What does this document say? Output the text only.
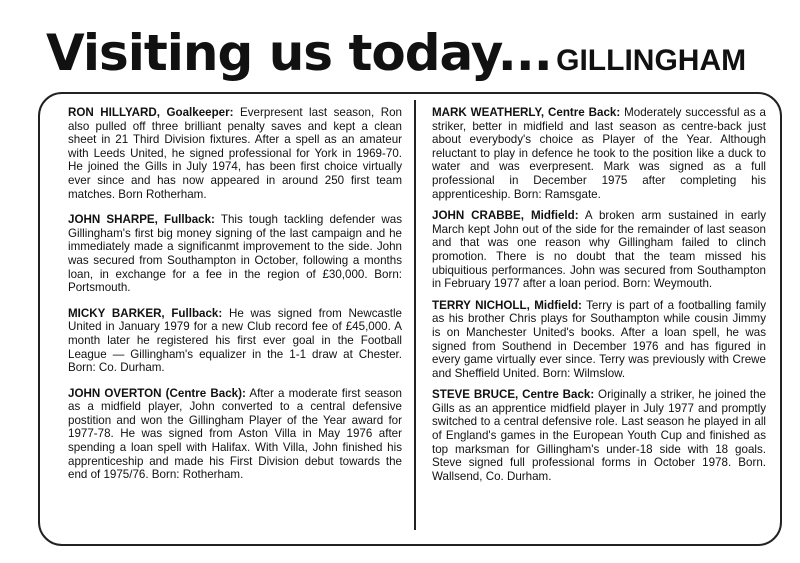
Visiting us today... GILLINGHAM

RON HILLYARD, Goalkeeper: Everpresent last season, Ron also pulled off three brilliant penalty saves and kept a clean sheet in 21 Third Division fixtures. After a spell as an amateur with Leeds United, he signed professional for York in 1969-70. He joined the Gills in July 1974, has been first choice virtually ever since and has now appeared in around 250 first team matches. Born Rotherham.

JOHN SHARPE, Fullback: This tough tackling defender was Gillingham's first big money signing of the last campaign and he immediately made a significanmt improvement to the side. John was secured from Southampton in October, following a months loan, in exchange for a fee in the region of £30,000. Born: Portsmouth.

MICKY BARKER, Fullback: He was signed from Newcastle United in January 1979 for a new Club record fee of £45,000. A month later he registered his first ever goal in the Football League — Gillingham's equalizer in the 1-1 draw at Chester. Born: Co. Durham.

JOHN OVERTON (Centre Back): After a moderate first season as a midfield player, John converted to a central defensive postition and won the Gillingham Player of the Year award for 1977-78. He was signed from Aston Villa in May 1976 after spending a loan spell with Halifax. With Villa, John finished his apprenticeship and made his First Division debut towards the end of 1975/76. Born: Rotherham.

MARK WEATHERLY, Centre Back: Moderately successful as a striker, better in midfield and last season as centre-back just about everybody's choice as Player of the Year. Although reluctant to play in defence he took to the position like a duck to water and was everpresent. Mark was signed as a full professional in December 1975 after completing his apprenticeship. Born: Ramsgate.

JOHN CRABBE, Midfield: A broken arm sustained in early March kept John out of the side for the remainder of last season and that was one reason why Gillingham failed to clinch promotion. There is no doubt that the team missed his ubiquitious performances. John was secured from Southampton in February 1977 after a loan period. Born: Weymouth.

TERRY NICHOLL, Midfield: Terry is part of a footballing family as his brother Chris plays for Southampton while cousin Jimmy is on Manchester United's books. After a loan spell, he was signed from Southend in December 1976 and has figured in every game virtually ever since. Terry was previously with Crewe and Sheffield United. Born: Wilmslow.

STEVE BRUCE, Centre Back: Originally a striker, he joined the Gills as an apprentice midfield player in July 1977 and promptly switched to a central defensive role. Last season he played in all of England's games in the European Youth Cup and finished as top marksman for Gillingham's under-18 side with 18 goals. Steve signed full professional forms in October 1978. Born. Wallsend, Co. Durham.
